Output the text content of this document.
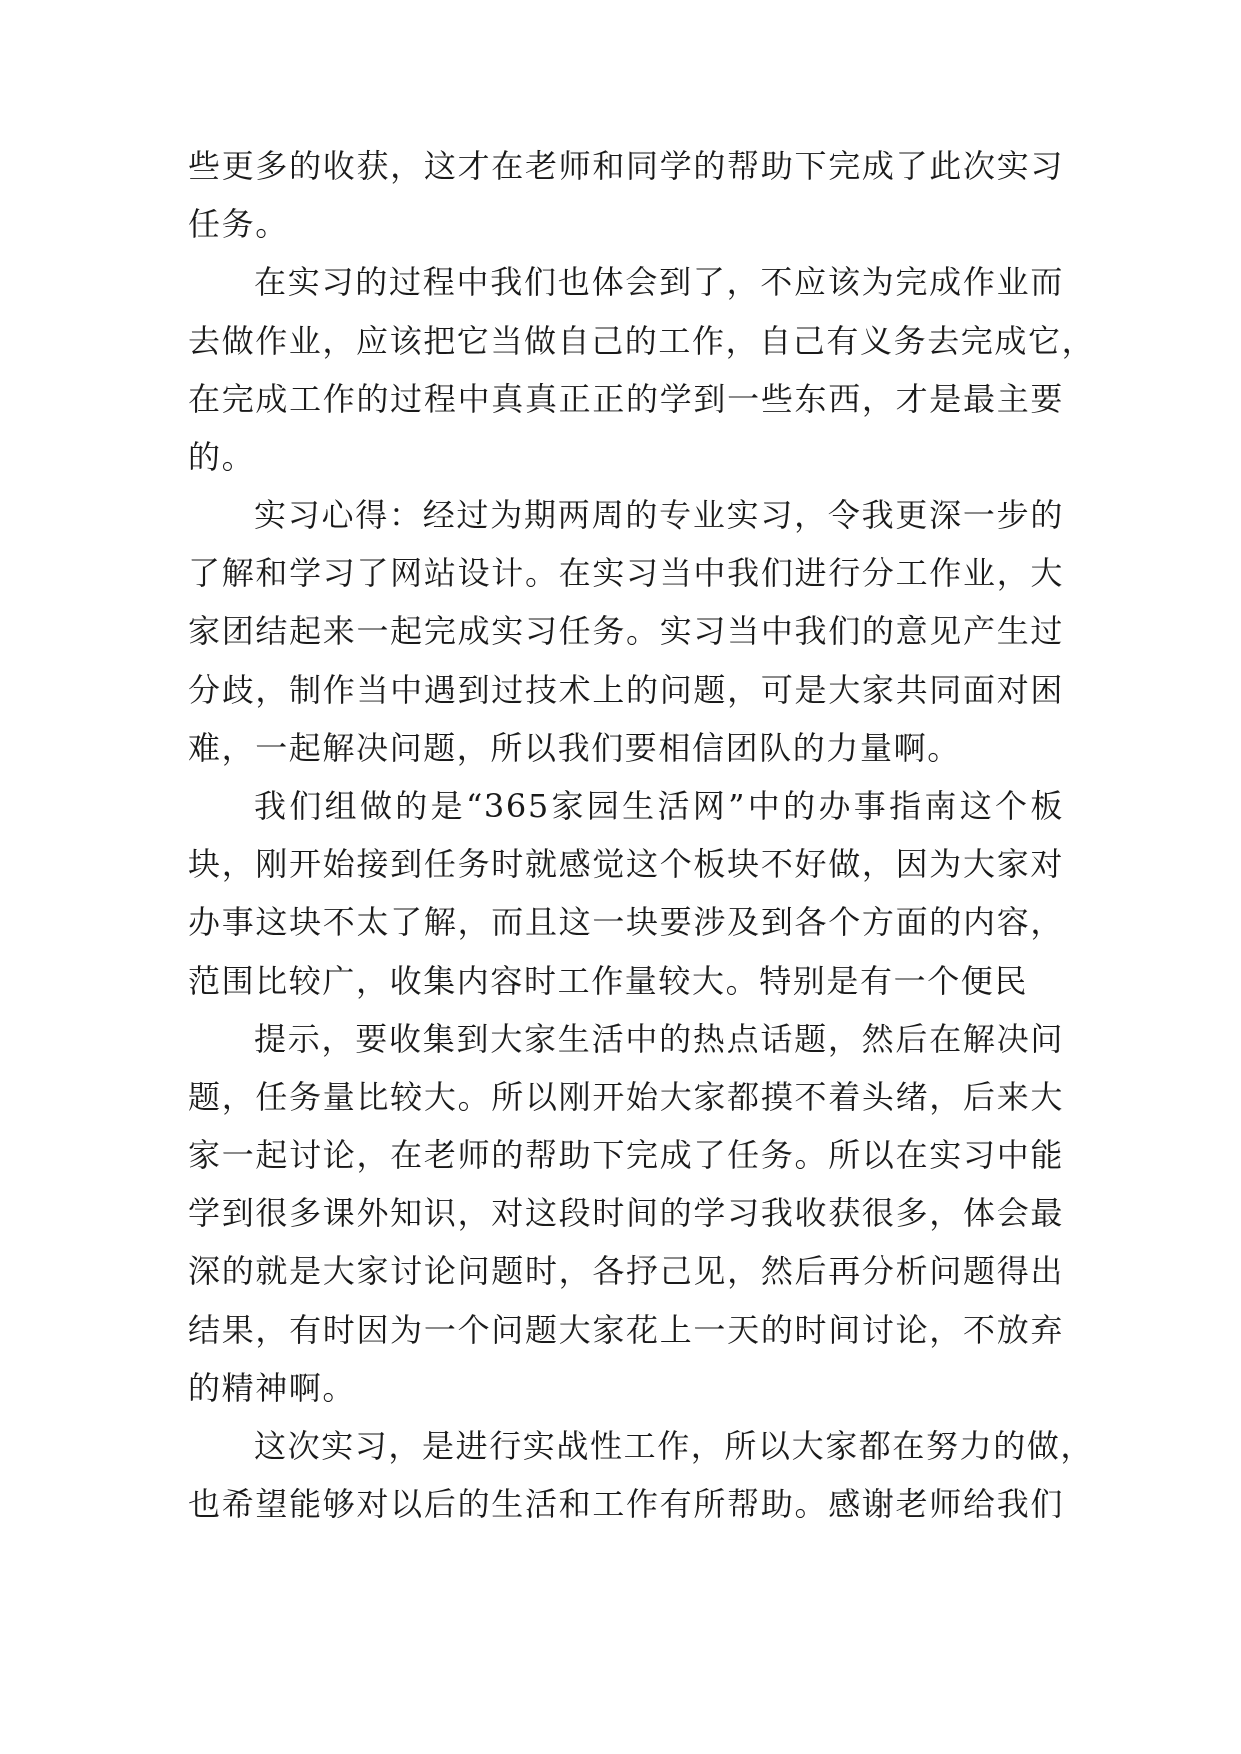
些更多的收获，这才在老师和同学的帮助下完成了此次实习
任务。
在实习的过程中我们也体会到了，不应该为完成作业而
去做作业，应该把它当做自己的工作，自己有义务去完成它，
在完成工作的过程中真真正正的学到一些东西，才是最主要
的。
实习心得：经过为期两周的专业实习，令我更深一步的
了解和学习了网站设计。在实习当中我们进行分工作业，大
家团结起来一起完成实习任务。实习当中我们的意见产生过
分歧，制作当中遇到过技术上的问题，可是大家共同面对困
难，一起解决问题，所以我们要相信团队的力量啊。
我们组做的是“365家园生活网”中的办事指南这个板
块，刚开始接到任务时就感觉这个板块不好做，因为大家对
办事这块不太了解，而且这一块要涉及到各个方面的内容，
范围比较广，收集内容时工作量较大。特别是有一个便民
提示，要收集到大家生活中的热点话题，然后在解决问
题，任务量比较大。所以刚开始大家都摸不着头绪，后来大
家一起讨论，在老师的帮助下完成了任务。所以在实习中能
学到很多课外知识，对这段时间的学习我收获很多，体会最
深的就是大家讨论问题时，各抒己见，然后再分析问题得出
结果，有时因为一个问题大家花上一天的时间讨论，不放弃
的精神啊。
这次实习，是进行实战性工作，所以大家都在努力的做，
也希望能够对以后的生活和工作有所帮助。感谢老师给我们
